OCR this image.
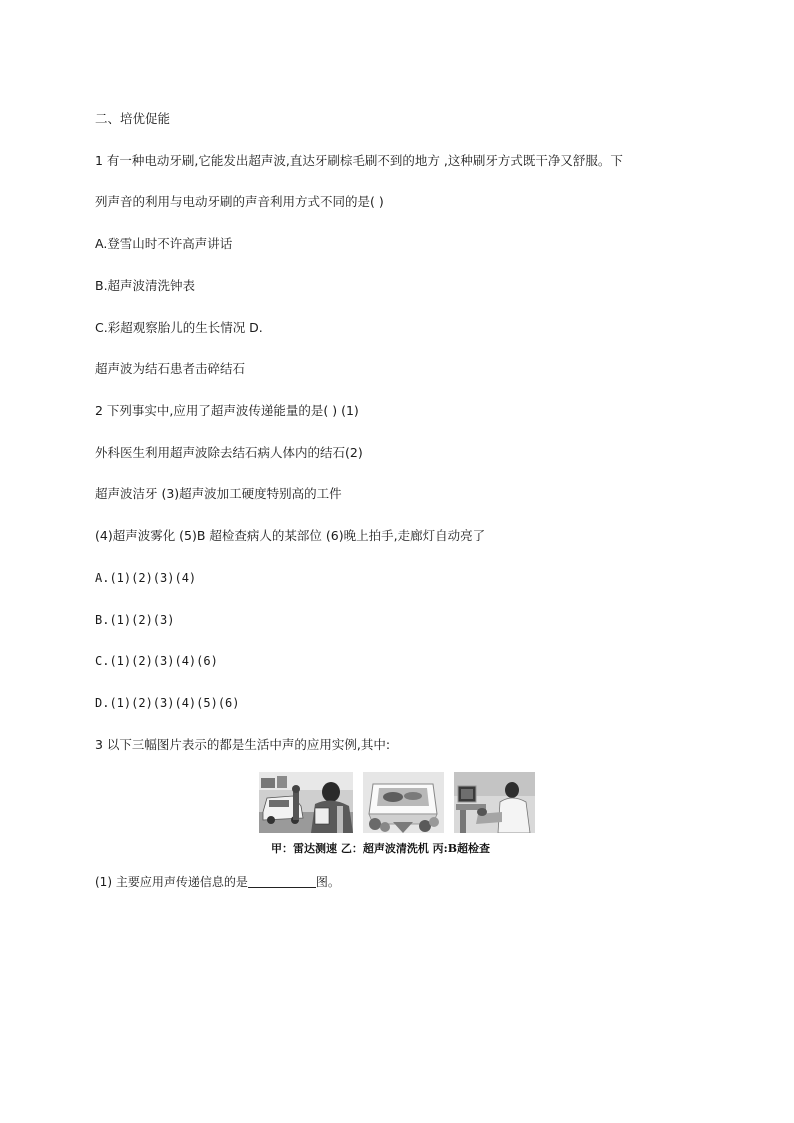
二、培优促能
1 有一种电动牙刷,它能发出超声波,直达牙刷棕毛刷不到的地方 ,这种刷牙方式既干净又舒服。下
列声音的利用与电动牙刷的声音利用方式不同的是( )
A.登雪山时不许高声讲话
B.超声波清洗钟表
C.彩超观察胎儿的生长情况 D.
超声波为结石患者击碎结石
2 下列事实中,应用了超声波传递能量的是( ) (1)
外科医生利用超声波除去结石病人体内的结石(2)
超声波洁牙 (3)超声波加工硬度特别高的工件
(4)超声波雾化 (5)B 超检查病人的某部位 (6)晚上拍手,走廊灯自动亮了
A.(1)(2)(3)(4)
B.(1)(2)(3)
C.(1)(2)(3)(4)(6)
D.(1)(2)(3)(4)(5)(6)
3 以下三幅图片表示的都是生活中声的应用实例,其中:
甲：雷达测速 乙：超声波清洗机 丙:B超检查
(1) 主要应用声传递信息的是	图。
